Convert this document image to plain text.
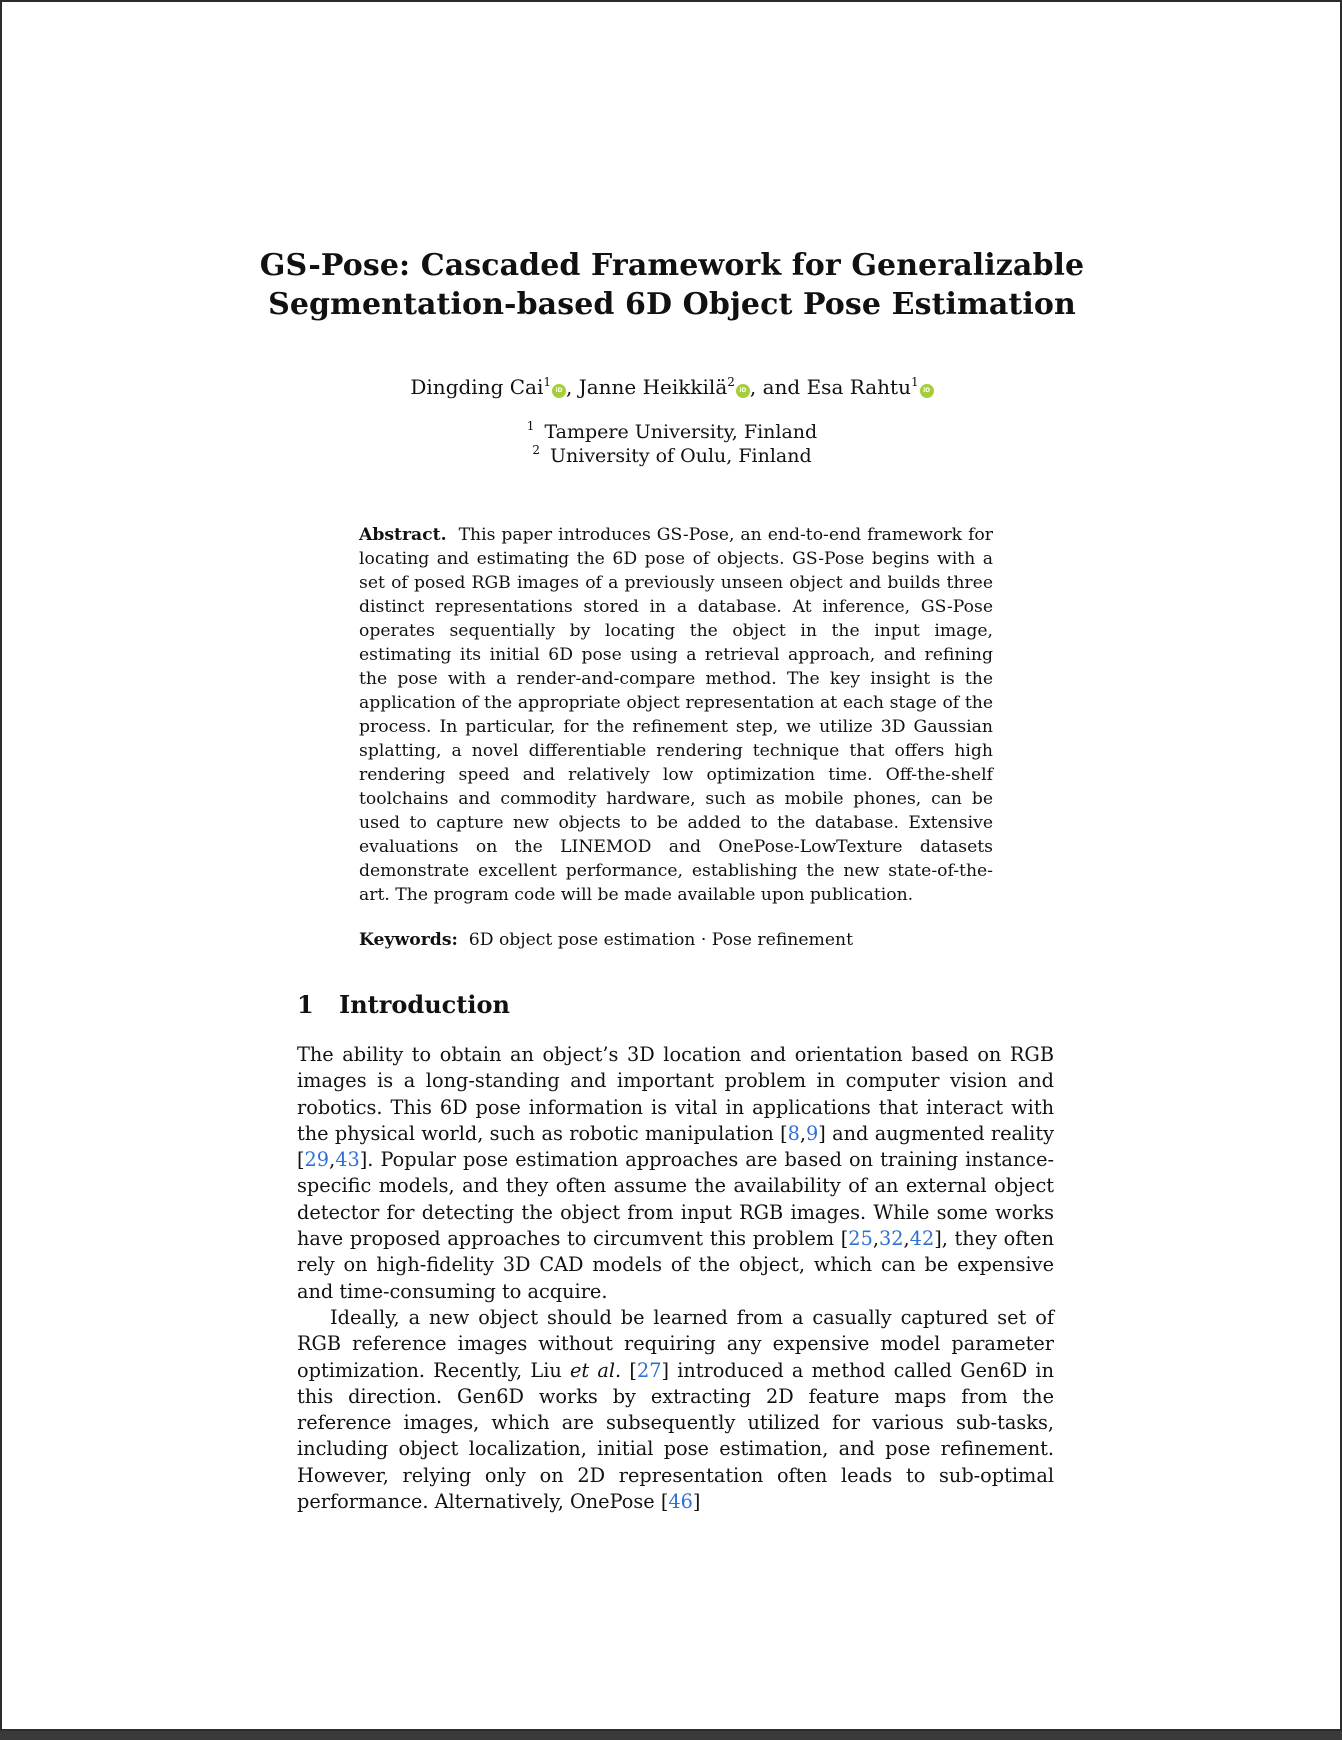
GS-Pose: Cascaded Framework for Generalizable Segmentation-based 6D Object Pose Estimation
Dingding Cai$^1$iD , Janne Heikkilä$^2$iD , and Esa Rahtu$^1$iD
$^1$ Tampere University, Finland
$^2$ University of Oulu, Finland
Abstract. This paper introduces GS-Pose, an end-to-end framework for locating and estimating the 6D pose of objects. GS-Pose begins with a set of posed RGB images of a previously unseen object and builds three distinct representations stored in a database. At inference, GS-Pose operates sequentially by locating the object in the input image, estimating its initial 6D pose using a retrieval approach, and refining the pose with a render-and-compare method. The key insight is the application of the appropriate object representation at each stage of the process. In particular, for the refinement step, we utilize 3D Gaussian splatting, a novel differentiable rendering technique that offers high rendering speed and relatively low optimization time. Off-the-shelf toolchains and commodity hardware, such as mobile phones, can be used to capture new objects to be added to the database. Extensive evaluations on the LINEMOD and OnePose-LowTexture datasets demonstrate excellent performance, establishing the new state-of-the-art. The program code will be made available upon publication.
Keywords: 6D object pose estimation · Pose refinement
1 Introduction

The ability to obtain an object’s 3D location and orientation based on RGB images is a long-standing and important problem in computer vision and robotics. This 6D pose information is vital in applications that interact with the physical world, such as robotic manipulation [8,9] and augmented reality [29,43]. Popular pose estimation approaches are based on training instance-specific models, and they often assume the availability of an external object detector for detecting the object from input RGB images. While some works have proposed approaches to circumvent this problem [25,32,42], they often rely on high-fidelity 3D CAD models of the object, which can be expensive and time-consuming to acquire.

Ideally, a new object should be learned from a casually captured set of RGB reference images without requiring any expensive model parameter optimization. Recently, Liu et al. [27] introduced a method called Gen6D in this direction. Gen6D works by extracting 2D feature maps from the reference images, which are subsequently utilized for various sub-tasks, including object localization, initial pose estimation, and pose refinement. However, relying only on 2D representation often leads to sub-optimal performance. Alternatively, OnePose [46]
